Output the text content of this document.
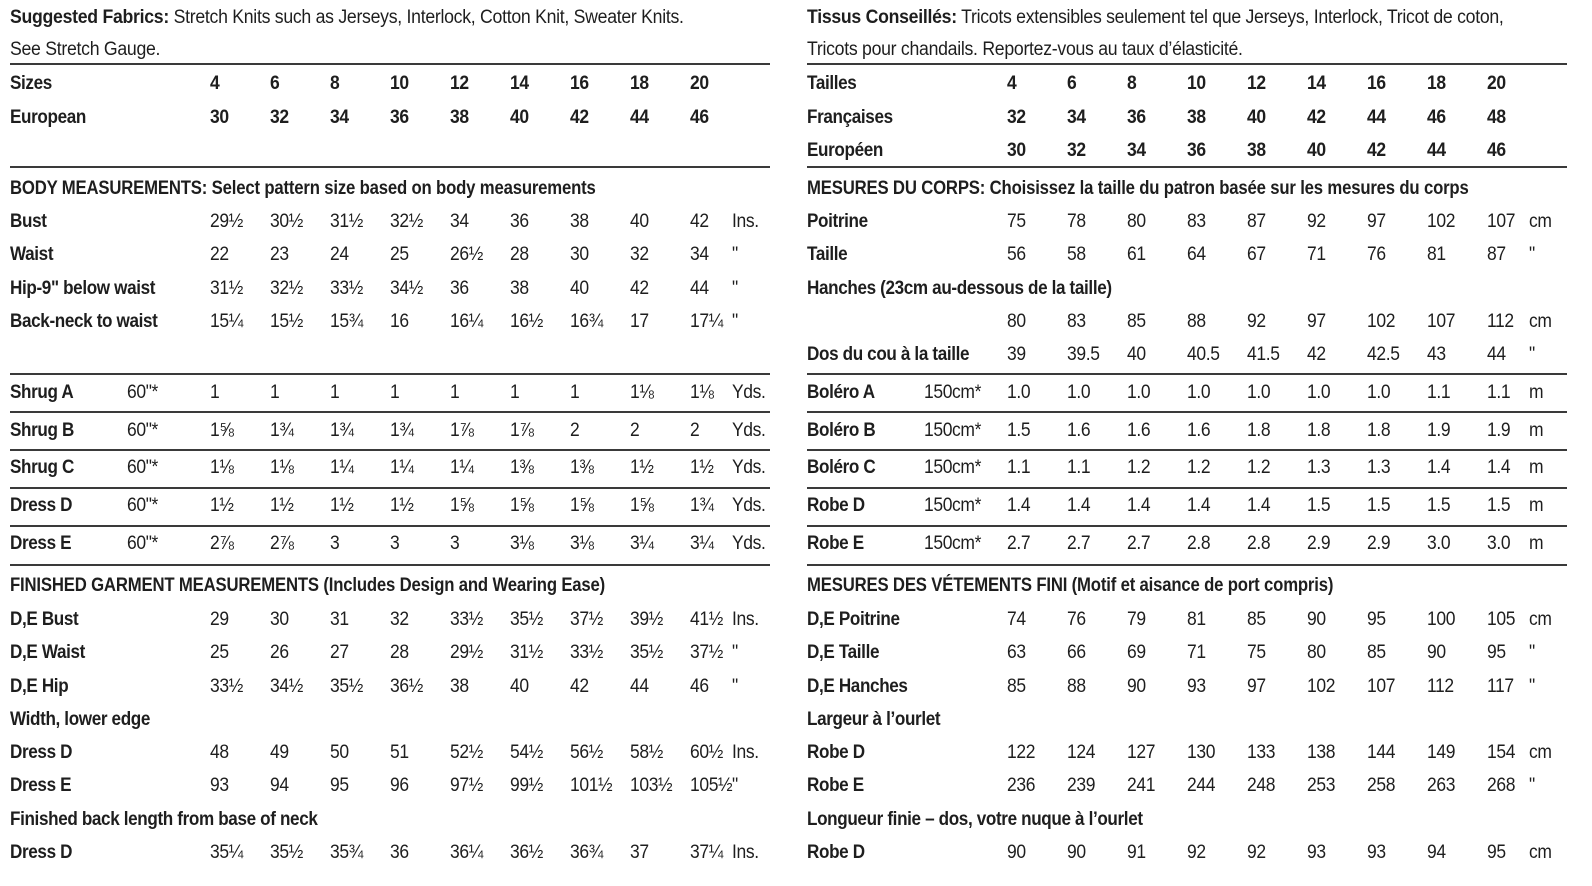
Suggested Fabrics: Stretch Knits such as Jerseys, Interlock, Cotton Knit, Sweater Knits. See Stretch Gauge.
Sizes	4	6	8	10 12 14 16 18 20
European	30 32 34 36 38 40 42 44 46
BODY MEASUREMENTS: Select pattern size based on body measurements
Bust	29½ 30½ 31½ 32½ 34 36 38 40 42 Ins.
Waist	22 23 24 25 26½ 28 30 32 34 "
Hip-9" below waist	31½ 32½ 33½ 34½ 36 38 40 42 44 "
Back-neck to waist	15¼ 15½ 15¾ 16 16¼ 16½ 16¾ 17 17¼ "
Shrug A	60"*	1	1	1	1	1	1	1	1⅛ 1⅛ Yds.
Shrug B	60"*	1⅝ 1¾ 1¾ 1¾ 1⅞ 1⅞ 2	2	2 Yds.
Shrug C	60"*	1⅛ 1⅛ 1¼ 1¼ 1¼ 1⅜ 1⅜ 1½ 1½ Yds.
Dress D	60"*	1½ 1½ 1½ 1½ 1⅝ 1⅝ 1⅝ 1⅝ 1¾ Yds.
Dress E	60"*	2⅞ 2⅞ 3	3	3	3⅛ 3⅛ 3¼ 3¼ Yds.
FINISHED GARMENT MEASUREMENTS (Includes Design and Wearing Ease)
D,E Bust	29 30 31 32 33½ 35½ 37½ 39½ 41½ Ins.
D,E Waist	25 26 27 28 29½ 31½ 33½ 35½ 37½ "
D,E Hip	33½ 34½ 35½ 36½ 38 40 42 44 46 "
Width, lower edge
Dress D	48 49 50 51 52½ 54½ 56½ 58½ 60½ Ins.
Dress E	93 94 95 96 97½ 99½ 101½ 103½ 105½ "
Finished back length from base of neck
Dress D	35¼ 35½ 35¾ 36 36¼ 36½ 36¾ 37 37¼ Ins.
Tissus Conseillés: Tricots extensibles seulement tel que Jerseys, Interlock, Tricot de coton, Tricots pour chandails. Reportez-vous au taux d’élasticité.
Tailles	4	6	8	10 12 14 16 18 20
Françaises	32 34 36 38 40 42 44 46 48
Européen	30 32 34 36 38 40 42 44 46
MESURES DU CORPS: Choisissez la taille du patron basée sur les mesures du corps
Poitrine	75 78 80 83 87 92 97 102 107 cm
Taille	56 58 61 64 67 71 76 81 87 "
Hanches (23cm au-dessous de la taille)
80 83 85 88 92 97 102 107 112 cm
Dos du cou à la taille 39 39.5 40 40.5 41.5 42 42.5 43 44 "
Boléro A	150cm* 1.0 1.0 1.0 1.0 1.0 1.0 1.0 1.1 1.1 m
Boléro B	150cm* 1.5 1.6 1.6 1.6 1.8 1.8 1.8 1.9 1.9 m
Boléro C	150cm* 1.1 1.1 1.2 1.2 1.2 1.3 1.3 1.4 1.4 m
Robe D	150cm* 1.4 1.4 1.4 1.4 1.4 1.5 1.5 1.5 1.5 m
Robe E	150cm* 2.7 2.7 2.7 2.8 2.8 2.9 2.9 3.0 3.0 m
MESURES DES VÉTEMENTS FINI (Motif et aisance de port compris)
D,E Poitrine	74 76 79 81 85 90 95 100 105 cm
D,E Taille	63 66 69 71 75 80 85 90 95 "
D,E Hanches	85 88 90 93 97 102 107 112 117 "
Largeur à l’ourlet
Robe D	122 124 127 130 133 138 144 149 154 cm
Robe E	236 239 241 244 248 253 258 263 268 "
Longueur finie – dos, votre nuque à l’ourlet
Robe D	90 90 91 92 92 93 93 94 95 cm
